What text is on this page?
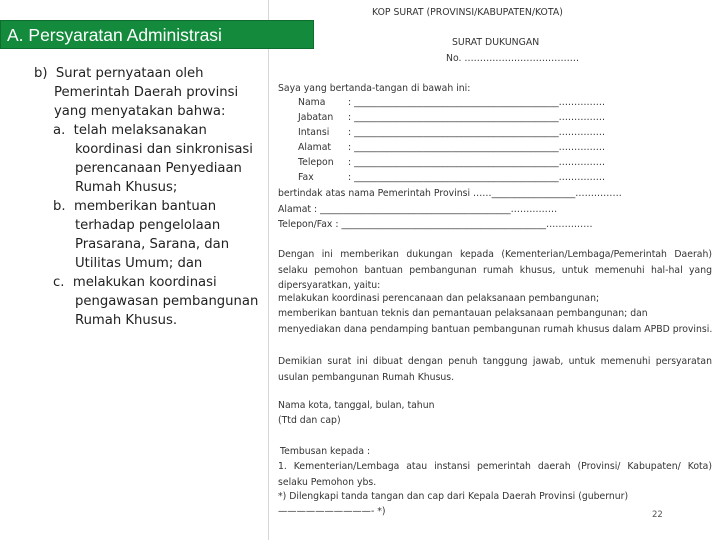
A. Persyaratan Administrasi
b) Surat pernyataan oleh
Pemerintah Daerah provinsi
yang menyatakan bahwa:
a. telah melaksanakan
koordinasi dan sinkronisasi
perencanaan Penyediaan
Rumah Khusus;
b. memberikan bantuan
terhadap pengelolaan
Prasarana, Sarana, dan
Utilitas Umum; dan
c. melakukan koordinasi
pengawasan pembangunan
Rumah Khusus.
KOP SURAT (PROVINSI/KABUPATEN/KOTA)
SURAT DUKUNGAN
No. ……………………………….
Saya yang bertanda-tangan di bawah ini:
Nama : ____________________________________________……………
Jabatan : ____________________________________________……………
Intansi : ____________________________________________……………
Alamat : ____________________________________________……………
Telepon : ____________________________________________……………
Fax	: ____________________________________________……………
bertindak atas nama Pemerintah Provinsi ……__________________……………
Alamat : _________________________________________……………
Telepon/Fax : ____________________________________________……………
Dengan ini memberikan dukungan kepada (Kementerian/Lembaga/Pemerintah Daerah) selaku pemohon bantuan pembangunan rumah khusus, untuk memenuhi hal-hal yang dipersyaratkan, yaitu:
melakukan koordinasi perencanaan dan pelaksanaan pembangunan;
memberikan bantuan teknis dan pemantauan pelaksanaan pembangunan; dan
menyediakan dana pendamping bantuan pembangunan rumah khusus dalam APBD provinsi.
Demikian surat ini dibuat dengan penuh tanggung jawab, untuk memenuhi persyaratan usulan pembangunan Rumah Khusus.
Nama kota, tanggal, bulan, tahun
(Ttd dan cap)
Tembusan kepada :
1. Kementerian/Lembaga atau instansi pemerintah daerah (Provinsi/ Kabupaten/ Kota) selaku Pemohon ybs.
*) Dilengkapi tanda tangan dan cap dari Kepala Daerah Provinsi (gubernur)
——————————- *)	22
